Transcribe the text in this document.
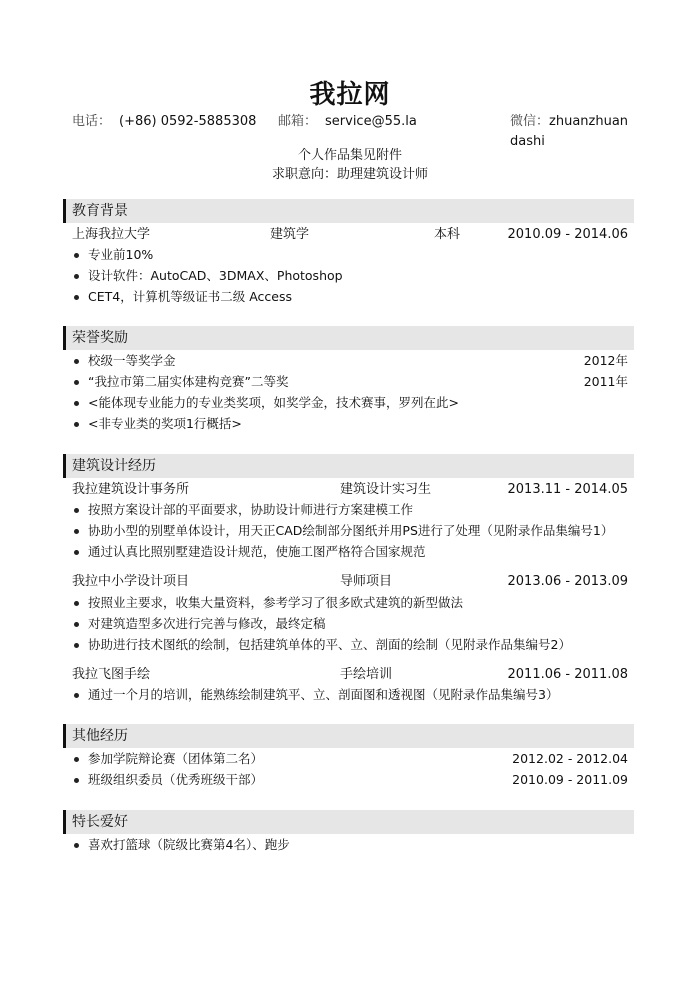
我拉网
电话： (+86) 0592-5885308 邮箱： service@55.la	微信：zhuanzhuandashi
个人作品集见附件
求职意向：助理建筑设计师
教育背景
上海我拉大学	建筑学	本科	2010.09 - 2014.06
专业前10%
设计软件：AutoCAD、3DMAX、Photoshop
CET4，计算机等级证书二级 Access
荣誉奖励
校级一等奖学金	2012年
“我拉市第二届实体建构竞赛”二等奖	2011年
<能体现专业能力的专业类奖项，如奖学金，技术赛事，罗列在此>
<非专业类的奖项1行概括>
建筑设计经历
我拉建筑设计事务所	建筑设计实习生	2013.11 - 2014.05
按照方案设计部的平面要求，协助设计师进行方案建模工作
协助小型的别墅单体设计，用天正CAD绘制部分图纸并用PS进行了处理（见附录作品集编号1）
通过认真比照别墅建造设计规范，使施工图严格符合国家规范
我拉中小学设计项目	导师项目	2013.06 - 2013.09
按照业主要求，收集大量资料，参考学习了很多欧式建筑的新型做法
对建筑造型多次进行完善与修改，最终定稿
协助进行技术图纸的绘制，包括建筑单体的平、立、剖面的绘制（见附录作品集编号2）
我拉飞图手绘	手绘培训	2011.06 - 2011.08
通过一个月的培训，能熟练绘制建筑平、立、剖面图和透视图（见附录作品集编号3）
其他经历
参加学院辩论赛（团体第二名）	2012.02 - 2012.04
班级组织委员（优秀班级干部）	2010.09 - 2011.09
特长爱好
喜欢打篮球（院级比赛第4名）、跑步
